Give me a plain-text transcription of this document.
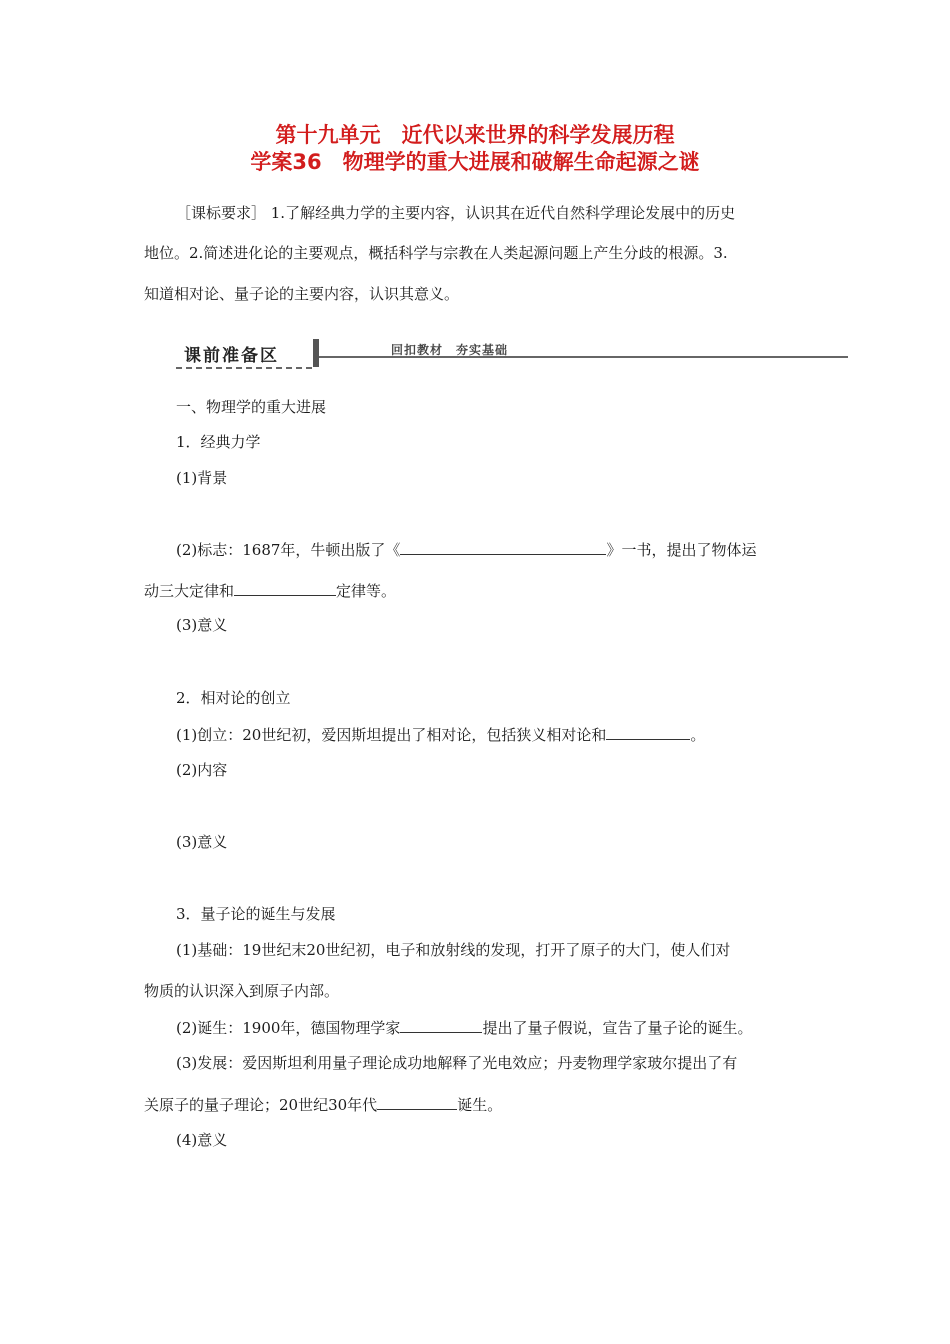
第十九单元　近代以来世界的科学发展历程
学案36　物理学的重大进展和破解生命起源之谜
［课标要求］ 1.了解经典力学的主要内容，认识其在近代自然科学理论发展中的历史
地位。2.简述进化论的主要观点，概括科学与宗教在人类起源问题上产生分歧的根源。3.
知道相对论、量子论的主要内容，认识其意义。
课前准备区	回扣教材　夯实基础
一、物理学的重大进展
1．经典力学
(1)背景
(2)标志：1687年，牛顿出版了《	》一书，提出了物体运
动三大定律和	定律等。
(3)意义
2．相对论的创立
(1)创立：20世纪初，爱因斯坦提出了相对论，包括狭义相对论和	。
(2)内容
(3)意义
3．量子论的诞生与发展
(1)基础：19世纪末20世纪初，电子和放射线的发现，打开了原子的大门，使人们对
物质的认识深入到原子内部。
(2)诞生：1900年，德国物理学家	提出了量子假说，宣告了量子论的诞生。
(3)发展：爱因斯坦利用量子理论成功地解释了光电效应；丹麦物理学家玻尔提出了有
关原子的量子理论；20世纪30年代	诞生。
(4)意义
